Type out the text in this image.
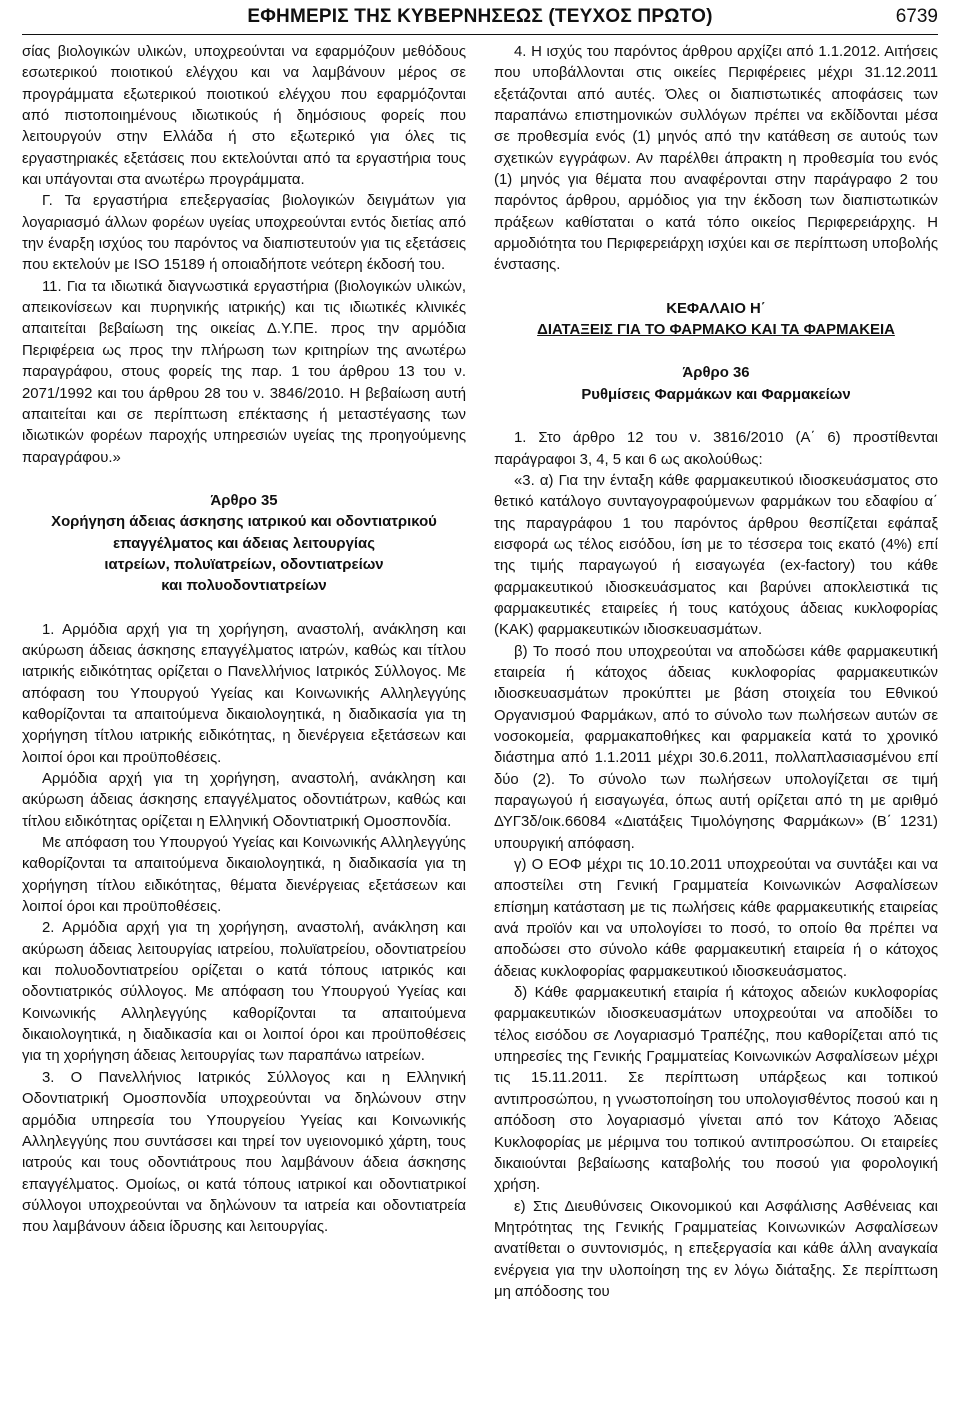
ΕΦΗΜΕΡΙΣ ΤΗΣ ΚΥΒΕΡΝΗΣΕΩΣ (ΤΕΥΧΟΣ ΠΡΩΤΟ)	6739

σίας βιολογικών υλικών, υποχρεούνται να εφαρμόζουν μεθόδους εσωτερικού ποιοτικού ελέγχου και να λαμβάνουν μέρος σε προγράμματα εξωτερικού ποιοτικού ελέγχου που εφαρμόζονται από πιστοποιημένους ιδιωτικούς ή δημόσιους φορείς που λειτουργούν στην Ελλάδα ή στο εξωτερικό για όλες τις εργαστηριακές εξετάσεις που εκτελούνται από τα εργαστήρια τους και υπάγονται στα ανωτέρω προγράμματα.

Γ. Τα εργαστήρια επεξεργασίας βιολογικών δειγμάτων για λογαριασμό άλλων φορέων υγείας υποχρεούνται εντός διετίας από την έναρξη ισχύος του παρόντος να διαπιστευτούν για τις εξετάσεις που εκτελούν με ISO 15189 ή οποιαδήποτε νεότερη έκδοσή του.

11. Για τα ιδιωτικά διαγνωστικά εργαστήρια (βιολογικών υλικών, απεικονίσεων και πυρηνικής ιατρικής) και τις ιδιωτικές κλινικές απαιτείται βεβαίωση της οικείας Δ.Υ.ΠΕ. προς την αρμόδια Περιφέρεια ως προς την πλήρωση των κριτηρίων της ανωτέρω παραγράφου, στους φορείς της παρ. 1 του άρθρου 13 του ν. 2071/1992 και του άρθρου 28 του ν. 3846/2010. Η βεβαίωση αυτή απαιτείται και σε περίπτωση επέκτασης ή μεταστέγασης των ιδιωτικών φορέων παροχής υπηρεσιών υγείας της προηγούμενης παραγράφου.»

Άρθρο 35
Χορήγηση άδειας άσκησης ιατρικού και οδοντιατρικού
επαγγέλματος και άδειας λειτουργίας
ιατρείων, πολυϊατρείων, οδοντιατρείων
και πολυοδοντιατρείων

1. Αρμόδια αρχή για τη χορήγηση, αναστολή, ανάκληση και ακύρωση άδειας άσκησης επαγγέλματος ιατρών, καθώς και τίτλου ιατρικής ειδικότητας ορίζεται ο Πανελλήνιος Ιατρικός Σύλλογος. Με απόφαση του Υπουργού Υγείας και Κοινωνικής Αλληλεγγύης καθορίζονται τα απαιτούμενα δικαιολογητικά, η διαδικασία για τη χορήγηση τίτλου ιατρικής ειδικότητας, η διενέργεια εξετάσεων και λοιποί όροι και προϋποθέσεις.

Αρμόδια αρχή για τη χορήγηση, αναστολή, ανάκληση και ακύρωση άδειας άσκησης επαγγέλματος οδοντιάτρων, καθώς και τίτλου ειδικότητας ορίζεται η Ελληνική Οδοντιατρική Ομοσπονδία.

Με απόφαση του Υπουργού Υγείας και Κοινωνικής Αλληλεγγύης καθορίζονται τα απαιτούμενα δικαιολογητικά, η διαδικασία για τη χορήγηση τίτλου ειδικότητας, θέματα διενέργειας εξετάσεων και λοιποί όροι και προϋποθέσεις.

2. Αρμόδια αρχή για τη χορήγηση, αναστολή, ανάκληση και ακύρωση άδειας λειτουργίας ιατρείου, πολυϊατρείου, οδοντιατρείου και πολυοδοντιατρείου ορίζεται ο κατά τόπους ιατρικός και οδοντιατρικός σύλλογος. Με απόφαση του Υπουργού Υγείας και Κοινωνικής Αλληλεγγύης καθορίζονται τα απαιτούμενα δικαιολογητικά, η διαδικασία και οι λοιποί όροι και προϋποθέσεις για τη χορήγηση άδειας λειτουργίας των παραπάνω ιατρείων.

3. Ο Πανελλήνιος Ιατρικός Σύλλογος και η Ελληνική Οδοντιατρική Ομοσπονδία υποχρεούνται να δηλώνουν στην αρμόδια υπηρεσία του Υπουργείου Υγείας και Κοινωνικής Αλληλεγγύης που συντάσσει και τηρεί τον υγειονομικό χάρτη, τους ιατρούς και τους οδοντιάτρους που λαμβάνουν άδεια άσκησης επαγγέλματος. Ομοίως, οι κατά τόπους ιατρικοί και οδοντιατρικοί σύλλογοι υποχρεούνται να δηλώνουν τα ιατρεία και οδοντιατρεία που λαμβάνουν άδεια ίδρυσης και λειτουργίας.

4. Η ισχύς του παρόντος άρθρου αρχίζει από 1.1.2012. Αιτήσεις που υποβάλλονται στις οικείες Περιφέρειες μέχρι 31.12.2011 εξετάζονται από αυτές. Όλες οι διαπιστωτικές αποφάσεις των παραπάνω επιστημονικών συλλόγων πρέπει να εκδίδονται μέσα σε προθεσμία ενός (1) μηνός από την κατάθεση σε αυτούς των σχετικών εγγράφων. Αν παρέλθει άπρακτη η προθεσμία του ενός (1) μηνός για θέματα που αναφέρονται στην παράγραφο 2 του παρόντος άρθρου, αρμόδιος για την έκδοση των διαπιστωτικών πράξεων καθίσταται ο κατά τόπο οικείος Περιφερειάρχης. Η αρμοδιότητα του Περιφερειάρχη ισχύει και σε περίπτωση υποβολής ένστασης.

ΚΕΦΑΛΑΙΟ Η΄
ΔΙΑΤΑΞΕΙΣ ΓΙΑ ΤΟ ΦΑΡΜΑΚΟ ΚΑΙ ΤΑ ΦΑΡΜΑΚΕΙΑ
Άρθρο 36
Ρυθμίσεις Φαρμάκων και Φαρμακείων

1. Στο άρθρο 12 του ν. 3816/2010 (Α΄ 6) προστίθενται παράγραφοι 3, 4, 5 και 6 ως ακολούθως:

«3. α) Για την ένταξη κάθε φαρμακευτικού ιδιοσκευάσματος στο θετικό κατάλογο συνταγογραφούμενων φαρμάκων του εδαφίου α΄ της παραγράφου 1 του παρόντος άρθρου θεσπίζεται εφάπαξ εισφορά ως τέλος εισόδου, ίση με το τέσσερα τοις εκατό (4%) επί της τιμής παραγωγού ή εισαγωγέα (ex-factory) του κάθε φαρμακευτικού ιδιοσκευάσματος και βαρύνει αποκλειστικά τις φαρμακευτικές εταιρείες ή τους κατόχους άδειας κυκλοφορίας (ΚΑΚ) φαρμακευτικών ιδιοσκευασμάτων.

β) Το ποσό που υποχρεούται να αποδώσει κάθε φαρμακευτική εταιρεία ή κάτοχος άδειας κυκλοφορίας φαρμακευτικών ιδιοσκευασμάτων προκύπτει με βάση στοιχεία του Εθνικού Οργανισμού Φαρμάκων, από το σύνολο των πωλήσεων αυτών σε νοσοκομεία, φαρμακαποθήκες και φαρμακεία κατά το χρονικό διάστημα από 1.1.2011 μέχρι 30.6.2011, πολλαπλασιασμένου επί δύο (2). Το σύνολο των πωλήσεων υπολογίζεται σε τιμή παραγωγού ή εισαγωγέα, όπως αυτή ορίζεται από τη με αριθμό ΔΥΓ3δ/οικ.66084 «Διατάξεις Τιμολόγησης Φαρμάκων» (Β΄ 1231) υπουργική απόφαση.

γ) Ο ΕΟΦ μέχρι τις 10.10.2011 υποχρεούται να συντάξει και να αποστείλει στη Γενική Γραμματεία Κοινωνικών Ασφαλίσεων επίσημη κατάσταση με τις πωλήσεις κάθε φαρμακευτικής εταιρείας ανά προϊόν και να υπολογίσει το ποσό, το οποίο θα πρέπει να αποδώσει στο σύνολο κάθε φαρμακευτική εταιρεία ή ο κάτοχος άδειας κυκλοφορίας φαρμακευτικού ιδιοσκευάσματος.

δ) Κάθε φαρμακευτική εταιρία ή κάτοχος αδειών κυκλοφορίας φαρμακευτικών ιδιοσκευασμάτων υποχρεούται να αποδίδει το τέλος εισόδου σε Λογαριασμό Τραπέζης, που καθορίζεται από τις υπηρεσίες της Γενικής Γραμματείας Κοινωνικών Ασφαλίσεων μέχρι τις 15.11.2011. Σε περίπτωση υπάρξεως και τοπικού αντιπροσώπου, η γνωστοποίηση του υπολογισθέντος ποσού και η απόδοση στο λογαριασμό γίνεται από τον Κάτοχο Άδειας Κυκλοφορίας με μέριμνα του τοπικού αντιπροσώπου. Οι εταιρείες δικαιούνται βεβαίωσης καταβολής του ποσού για φορολογική χρήση.

ε) Στις Διευθύνσεις Οικονομικού και Ασφάλισης Ασθένειας και Μητρότητας της Γενικής Γραμματείας Κοινωνικών Ασφαλίσεων ανατίθεται ο συντονισμός, η επεξεργασία και κάθε άλλη αναγκαία ενέργεια για την υλοποίηση της εν λόγω διάταξης. Σε περίπτωση μη απόδοσης του
